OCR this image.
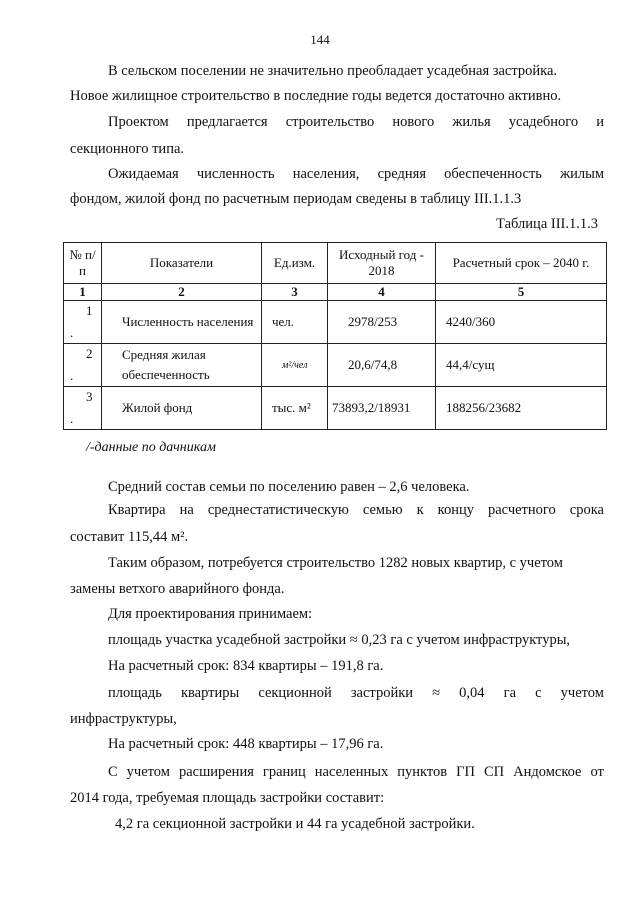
144
В сельском поселении не значительно преобладает усадебная застройка.
Новое жилищное строительство в последние годы ведется достаточно активно.
Проектом предлагается строительство нового жилья усадебного и
секционного типа.
Ожидаемая численность населения, средняя обеспеченность жилым
фондом, жилой фонд по расчетным периодам сведены в таблицу III.1.1.3
Таблица III.1.1.3
№ п/п	Показатели	Ед.изм.	Исходный год - 2018	Расчетный срок – 2040 г.
1	2	3	4	5

1
.	Численность населения	чел.	2978/253	4240/360

2
.	Средняя жилая обеспеченность	м²/чел	20,6/74,8	44,4/сущ

3
.	Жилой фонд	тыс. м²	73893,2/18931	188256/23682
/-данные по дачникам
Средний состав семьи по поселению равен – 2,6 человека.
Квартира на среднестатистическую семью к концу расчетного срока
составит 115,44 м².
Таким образом, потребуется строительство 1282 новых квартир, с учетом
замены ветхого аварийного фонда.
Для проектирования принимаем:
площадь участка усадебной застройки ≈ 0,23 га с учетом инфраструктуры,
На расчетный срок: 834 квартиры – 191,8 га.
площадь квартиры секционной застройки ≈ 0,04 га с учетом
инфраструктуры,
На расчетный срок: 448 квартиры – 17,96 га.
С учетом расширения границ населенных пунктов ГП СП Андомское от
2014 года, требуемая площадь застройки составит:
4,2 га секционной застройки и 44 га усадебной застройки.
